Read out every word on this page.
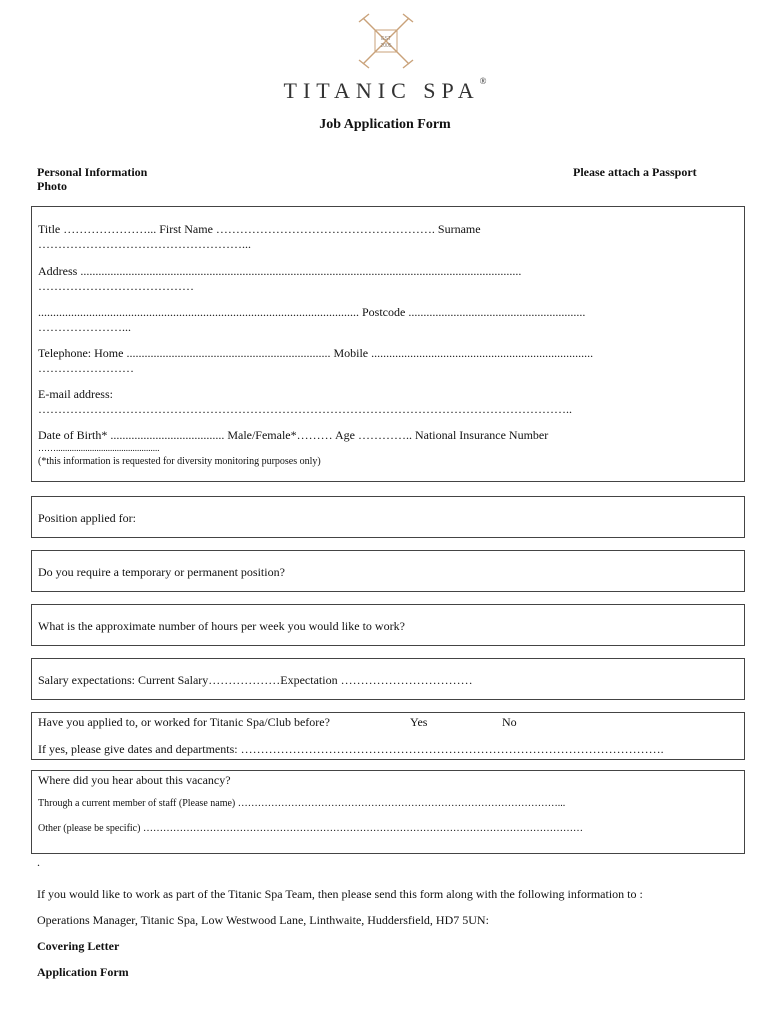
EST
2005
TITANIC SPA®
Job Application Form
Personal Information
Photo
Please attach a Passport
Title …………………... First Name ………………………………………………. Surname
……………………………………………...
Address ...................................................................................................................................................
…………………………………
........................................................................................................... Postcode ...........................................................
…………………...
Telephone: Home .................................................................... Mobile ..........................................................................
……………………
E-mail address:
……………………………………………………………………………………………………………………..
Date of Birth* ...................................... Male/Female*……… Age ………….. National Insurance Number
……..............................................
(*this information is requested for diversity monitoring purposes only)
Position applied for:
Do you require a temporary or permanent position?
What is the approximate number of hours per week you would like to work?
Salary expectations: Current Salary………………Expectation ……………………………
Have you applied to, or worked for Titanic Spa/Club before?	Yes	No
If yes, please give dates and departments: …………………………………………………………………………………………….
Where did you hear about this vacancy?
Through a current member of staff (Please name) ……………………………………………………………………………………...
Other (please be specific) ……………………………………………………………………………………………………………………
.
If you would like to work as part of the Titanic Spa Team, then please send this form along with the following information to :
Operations Manager, Titanic Spa, Low Westwood Lane, Linthwaite, Huddersfield, HD7 5UN:
Covering Letter
Application Form
